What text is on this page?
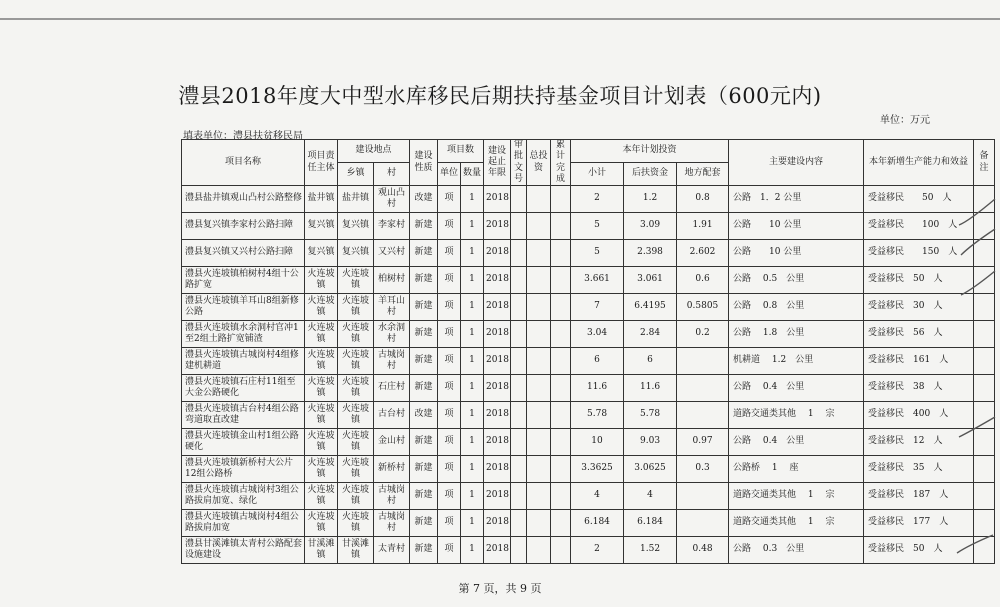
澧县2018年度大中型水库移民后期扶持基金项目计划表（600元内)
单位：万元
填表单位：澧县扶贫移民局
项目名称	项目责任主体	建设地点		建设性质	项目数		建设起止年限	审批文号	总投资	累计完成	本年计划投资			主要建设内容	本年新增生产能力和效益	备注
		乡镇	村		单位	数量					小计	后扶资金	地方配套			
澧县盐井镇观山凸村公路整修	盐井镇	盐井镇	观山凸村	改建	项	1	2018				2	1.2	0.8	公路　1．2 公里	受益移民　　50　人	
澧县复兴镇李家村公路扫障	复兴镇	复兴镇	李家村	新建	项	1	2018				5	3.09	1.91	公路　　10 公里	受益移民　　100　人	
澧县复兴镇又兴村公路扫障	复兴镇	复兴镇	又兴村	新建	项	1	2018				5	2.398	2.602	公路　　10 公里	受益移民　　150　人	
澧县火连坡镇柏树村4组十公路扩宽	火连坡镇	火连坡镇	柏树村	新建	项	1	2018				3.661	3.061	0.6	公路　 0.5　公里	受益移民　50　人	
澧县火连坡镇羊耳山8组新修公路	火连坡镇	火连坡镇	羊耳山村	新建	项	1	2018				7	6.4195	0.5805	公路　 0.8　公里	受益移民　30　人	
澧县火连坡镇水余洞村官冲1至2组土路扩宽铺渣	火连坡镇	火连坡镇	水余洞村	新建	项	1	2018				3.04	2.84	0.2	公路　 1.8　公里	受益移民　56　人	
澧县火连坡镇古城岗村4组修建机耕道	火连坡镇	火连坡镇	古城岗村	新建	项	1	2018				6	6		机耕道　 1.2　公里	受益移民　161　人	
澧县火连坡镇石庄村11组至大金公路硬化	火连坡镇	火连坡镇	石庄村	新建	项	1	2018				11.6	11.6		公路　 0.4　公里	受益移民　38　人	
澧县火连坡镇古台村4组公路弯道取直改建	火连坡镇	火连坡镇	古台村	改建	项	1	2018				5.78	5.78		道路交通类其他　 1　 宗	受益移民　400　人	
澧县火连坡镇金山村1组公路硬化	火连坡镇	火连坡镇	金山村	新建	项	1	2018				10	9.03	0.97	公路　 0.4　公里	受益移民　12　人	
澧县火连坡镇新桥村大公片12组公路桥	火连坡镇	火连坡镇	新桥村	新建	项	1	2018				3.3625	3.0625	0.3	公路桥　 1　 座	受益移民　35　人	
澧县火连坡镇古城岗村3组公路拔肩加宽、绿化	火连坡镇	火连坡镇	古城岗村	新建	项	1	2018				4	4		道路交通类其他　 1　 宗	受益移民　187　人	
澧县火连坡镇古城岗村4组公路拔肩加宽	火连坡镇	火连坡镇	古城岗村	新建	项	1	2018				6.184	6.184		道路交通类其他　 1　 宗	受益移民　177　人	
澧县甘溪滩镇太青村公路配套设施建设	甘溪滩镇	甘溪滩镇	太青村	新建	项	1	2018				2	1.52	0.48	公路　 0.3　公里	受益移民　50　人	
第 7 页，共 9 页
